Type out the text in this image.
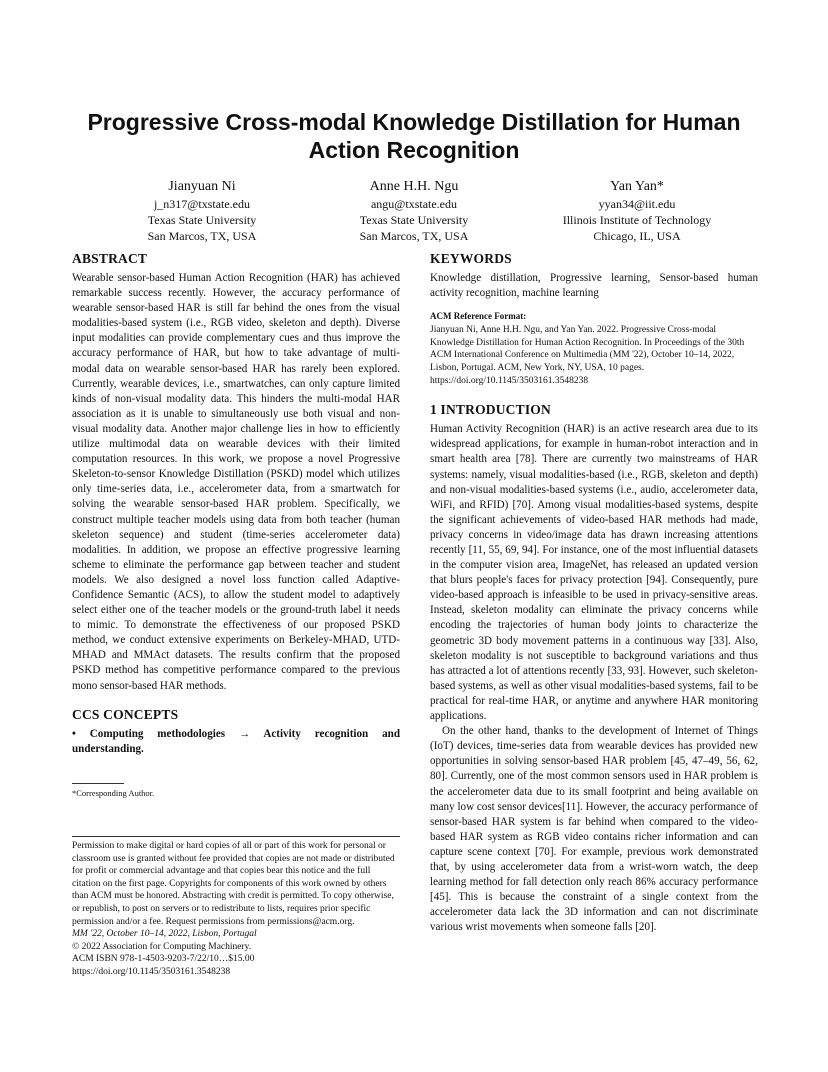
Progressive Cross-modal Knowledge Distillation for Human Action Recognition
Jianyuan Ni
j_n317@txstate.edu
Texas State University
San Marcos, TX, USA
Anne H.H. Ngu
angu@txstate.edu
Texas State University
San Marcos, TX, USA
Yan Yan*
yyan34@iit.edu
Illinois Institute of Technology
Chicago, IL, USA
ABSTRACT

Wearable sensor-based Human Action Recognition (HAR) has achieved remarkable success recently. However, the accuracy performance of wearable sensor-based HAR is still far behind the ones from the visual modalities-based system (i.e., RGB video, skeleton and depth). Diverse input modalities can provide complementary cues and thus improve the accuracy performance of HAR, but how to take advantage of multi-modal data on wearable sensor-based HAR has rarely been explored. Currently, wearable devices, i.e., smartwatches, can only capture limited kinds of non-visual modality data. This hinders the multi-modal HAR association as it is unable to simultaneously use both visual and non-visual modality data. Another major challenge lies in how to efficiently utilize multimodal data on wearable devices with their limited computation resources. In this work, we propose a novel Progressive Skeleton-to-sensor Knowledge Distillation (PSKD) model which utilizes only time-series data, i.e., accelerometer data, from a smartwatch for solving the wearable sensor-based HAR problem. Specifically, we construct multiple teacher models using data from both teacher (human skeleton sequence) and student (time-series accelerometer data) modalities. In addition, we propose an effective progressive learning scheme to eliminate the performance gap between teacher and student models. We also designed a novel loss function called Adaptive-Confidence Semantic (ACS), to allow the student model to adaptively select either one of the teacher models or the ground-truth label it needs to mimic. To demonstrate the effectiveness of our proposed PSKD method, we conduct extensive experiments on Berkeley-MHAD, UTD-MHAD and MMAct datasets. The results confirm that the proposed PSKD method has competitive performance compared to the previous mono sensor-based HAR methods.

CCS CONCEPTS

• Computing methodologies → Activity recognition and understanding.

*Corresponding Author.

Permission to make digital or hard copies of all or part of this work for personal or classroom use is granted without fee provided that copies are not made or distributed for profit or commercial advantage and that copies bear this notice and the full citation on the first page. Copyrights for components of this work owned by others than ACM must be honored. Abstracting with credit is permitted. To copy otherwise, or republish, to post on servers or to redistribute to lists, requires prior specific permission and/or a fee. Request permissions from permissions@acm.org.

MM '22, October 10–14, 2022, Lisbon, Portugal

© 2022 Association for Computing Machinery.

ACM ISBN 978-1-4503-9203-7/22/10…$15.00

https://doi.org/10.1145/3503161.3548238

KEYWORDS

Knowledge distillation, Progressive learning, Sensor-based human activity recognition, machine learning

ACM Reference Format:

Jianyuan Ni, Anne H.H. Ngu, and Yan Yan. 2022. Progressive Cross-modal Knowledge Distillation for Human Action Recognition. In Proceedings of the 30th ACM International Conference on Multimedia (MM '22), October 10–14, 2022, Lisbon, Portugal. ACM, New York, NY, USA, 10 pages. https://doi.org/10.1145/3503161.3548238

1 INTRODUCTION

Human Activity Recognition (HAR) is an active research area due to its widespread applications, for example in human-robot interaction and in smart health area [78]. There are currently two mainstreams of HAR systems: namely, visual modalities-based (i.e., RGB, skeleton and depth) and non-visual modalities-based systems (i.e., audio, accelerometer data, WiFi, and RFID) [70]. Among visual modalities-based systems, despite the significant achievements of video-based HAR methods had made, privacy concerns in video/image data has drawn increasing attentions recently [11, 55, 69, 94]. For instance, one of the most influential datasets in the computer vision area, ImageNet, has released an updated version that blurs people's faces for privacy protection [94]. Consequently, pure video-based approach is infeasible to be used in privacy-sensitive areas. Instead, skeleton modality can eliminate the privacy concerns while encoding the trajectories of human body joints to characterize the geometric 3D body movement patterns in a continuous way [33]. Also, skeleton modality is not susceptible to background variations and thus has attracted a lot of attentions recently [33, 93]. However, such skeleton-based systems, as well as other visual modalities-based systems, fail to be practical for real-time HAR, or anytime and anywhere HAR monitoring applications.

On the other hand, thanks to the development of Internet of Things (IoT) devices, time-series data from wearable devices has provided new opportunities in solving sensor-based HAR problem [45, 47–49, 56, 62, 80]. Currently, one of the most common sensors used in HAR problem is the accelerometer data due to its small footprint and being available on many low cost sensor devices[11]. However, the accuracy performance of sensor-based HAR system is far behind when compared to the video-based HAR system as RGB video contains richer information and can capture scene context [70]. For example, previous work demonstrated that, by using accelerometer data from a wrist-worn watch, the deep learning method for fall detection only reach 86% accuracy performance [45]. This is because the constraint of a single context from the accelerometer data lack the 3D information and can not discriminate various wrist movements when someone falls [20].
